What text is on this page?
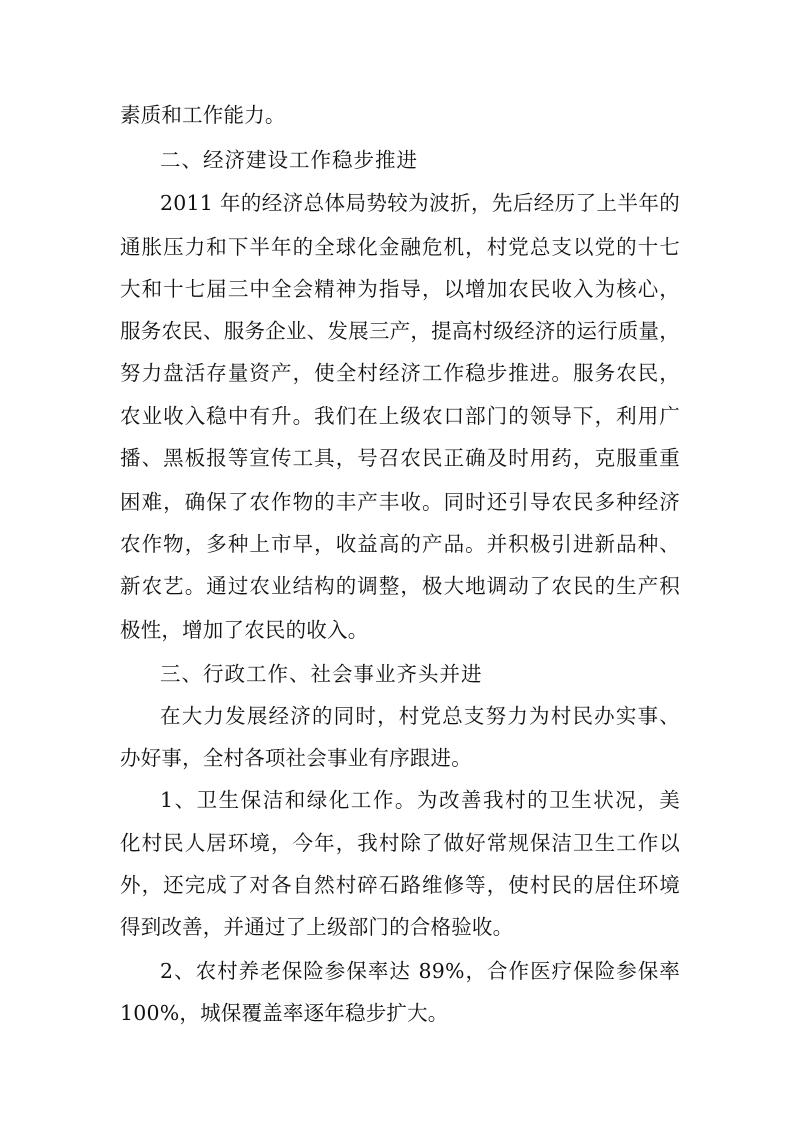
素质和工作能力。
二、经济建设工作稳步推进
2011 年的经济总体局势较为波折，先后经历了上半年的
通胀压力和下半年的全球化金融危机，村党总支以党的十七
大和十七届三中全会精神为指导，以增加农民收入为核心，
服务农民、服务企业、发展三产，提高村级经济的运行质量，
努力盘活存量资产，使全村经济工作稳步推进。服务农民，
农业收入稳中有升。我们在上级农口部门的领导下，利用广
播、黑板报等宣传工具，号召农民正确及时用药，克服重重
困难，确保了农作物的丰产丰收。同时还引导农民多种经济
农作物，多种上市早，收益高的产品。并积极引进新品种、
新农艺。通过农业结构的调整，极大地调动了农民的生产积
极性，增加了农民的收入。
三、行政工作、社会事业齐头并进
在大力发展经济的同时，村党总支努力为村民办实事、
办好事，全村各项社会事业有序跟进。
1、卫生保洁和绿化工作。为改善我村的卫生状况，美
化村民人居环境，今年，我村除了做好常规保洁卫生工作以
外，还完成了对各自然村碎石路维修等，使村民的居住环境
得到改善，并通过了上级部门的合格验收。
2、农村养老保险参保率达 89%，合作医疗保险参保率
100%，城保覆盖率逐年稳步扩大。
